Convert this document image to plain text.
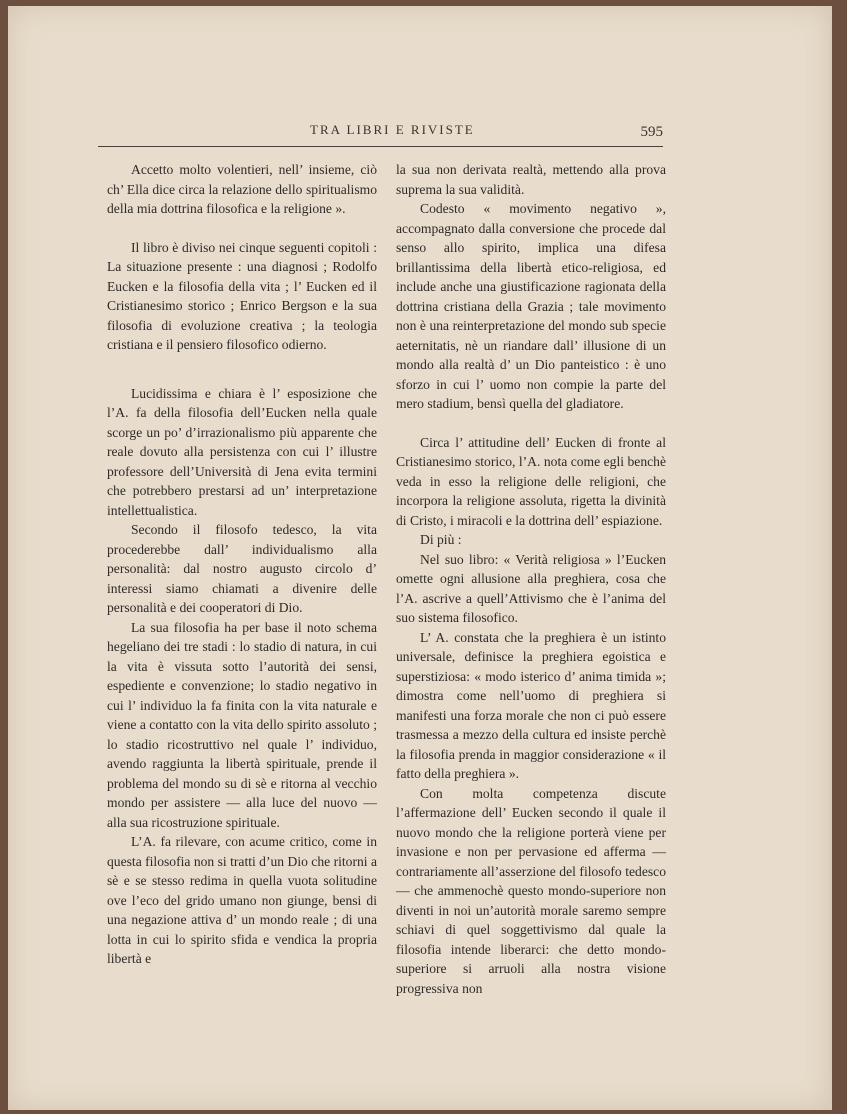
TRA LIBRI E RIVISTE	595

Accetto molto volentieri, nell’ insieme, ciò ch’ Ella dice circa la relazione dello spiritualismo della mia dottrina filosofica e la religione ».

Il libro è diviso nei cinque seguenti copitoli : La situazione presente : una diagnosi ; Rodolfo Eucken e la filosofia della vita ; l’ Eucken ed il Cristianesimo storico ; Enrico Bergson e la sua filosofia di evoluzione creativa ; la teologia cristiana e il pensiero filosofico odierno.

Lucidissima e chiara è l’ esposizione che l’A. fa della filosofia dell’Eucken nella quale scorge un po’ d’irrazionalismo più apparente che reale dovuto alla persistenza con cui l’ illustre professore dell’Università di Jena evita termini che potrebbero prestarsi ad un’ interpretazione intellettualistica.

Secondo il filosofo tedesco, la vita procederebbe dall’ individualismo alla personalità: dal nostro augusto circolo d’ interessi siamo chiamati a divenire delle personalità e dei cooperatori di Dio.

La sua filosofia ha per base il noto schema hegeliano dei tre stadi : lo stadio di natura, in cui la vita è vissuta sotto l’autorità dei sensi, espediente e convenzione; lo stadio negativo in cui l’ individuo la fa finita con la vita naturale e viene a contatto con la vita dello spirito assoluto ; lo stadio ricostruttivo nel quale l’ individuo, avendo raggiunta la libertà spirituale, prende il problema del mondo su di sè e ritorna al vecchio mondo per assistere — alla luce del nuovo — alla sua ricostruzione spirituale.

L’A. fa rilevare, con acume critico, come in questa filosofia non si tratti d’un Dio che ritorni a sè e se stesso redima in quella vuota solitudine ove l’eco del grido umano non giunge, bensi di una negazione attiva d’ un mondo reale ; di una lotta in cui lo spirito sfida e vendica la propria libertà e

la sua non derivata realtà, mettendo alla prova suprema la sua validità.

Codesto « movimento negativo », accompagnato dalla conversione che procede dal senso allo spirito, implica una difesa brillantissima della libertà etico-religiosa, ed include anche una giustificazione ragionata della dottrina cristiana della Grazia ; tale movimento non è una reinterpretazione del mondo sub specie aeternitatis, nè un riandare dall’ illusione di un mondo alla realtà d’ un Dio panteistico : è uno sforzo in cui l’ uomo non compie la parte del mero stadium, bensì quella del gladiatore.

Circa l’ attitudine dell’ Eucken di fronte al Cristianesimo storico, l’A. nota come egli benchè veda in esso la religione delle religioni, che incorpora la religione assoluta, rigetta la divinità di Cristo, i miracoli e la dottrina dell’ espiazione.

Di più :

Nel suo libro: « Verità religiosa » l’Eucken omette ogni allusione alla preghiera, cosa che l’A. ascrive a quell’Attivismo che è l’anima del suo sistema filosofico.

L’ A. constata che la preghiera è un istinto universale, definisce la preghiera egoistica e superstiziosa: « modo isterico d’ anima timida »; dimostra come nell’uomo di preghiera si manifesti una forza morale che non ci può essere trasmessa a mezzo della cultura ed insiste perchè la filosofia prenda in maggior considerazione « il fatto della preghiera ».

Con molta competenza discute l’affermazione dell’ Eucken secondo il quale il nuovo mondo che la religione porterà viene per invasione e non per pervasione ed afferma — contrariamente all’asserzione del filosofo tedesco — che ammenochè questo mondo-superiore non diventi in noi un’autorità morale saremo sempre schiavi di quel soggettivismo dal quale la filosofia intende liberarci: che detto mondo-superiore si arruoli alla nostra visione progressiva non
